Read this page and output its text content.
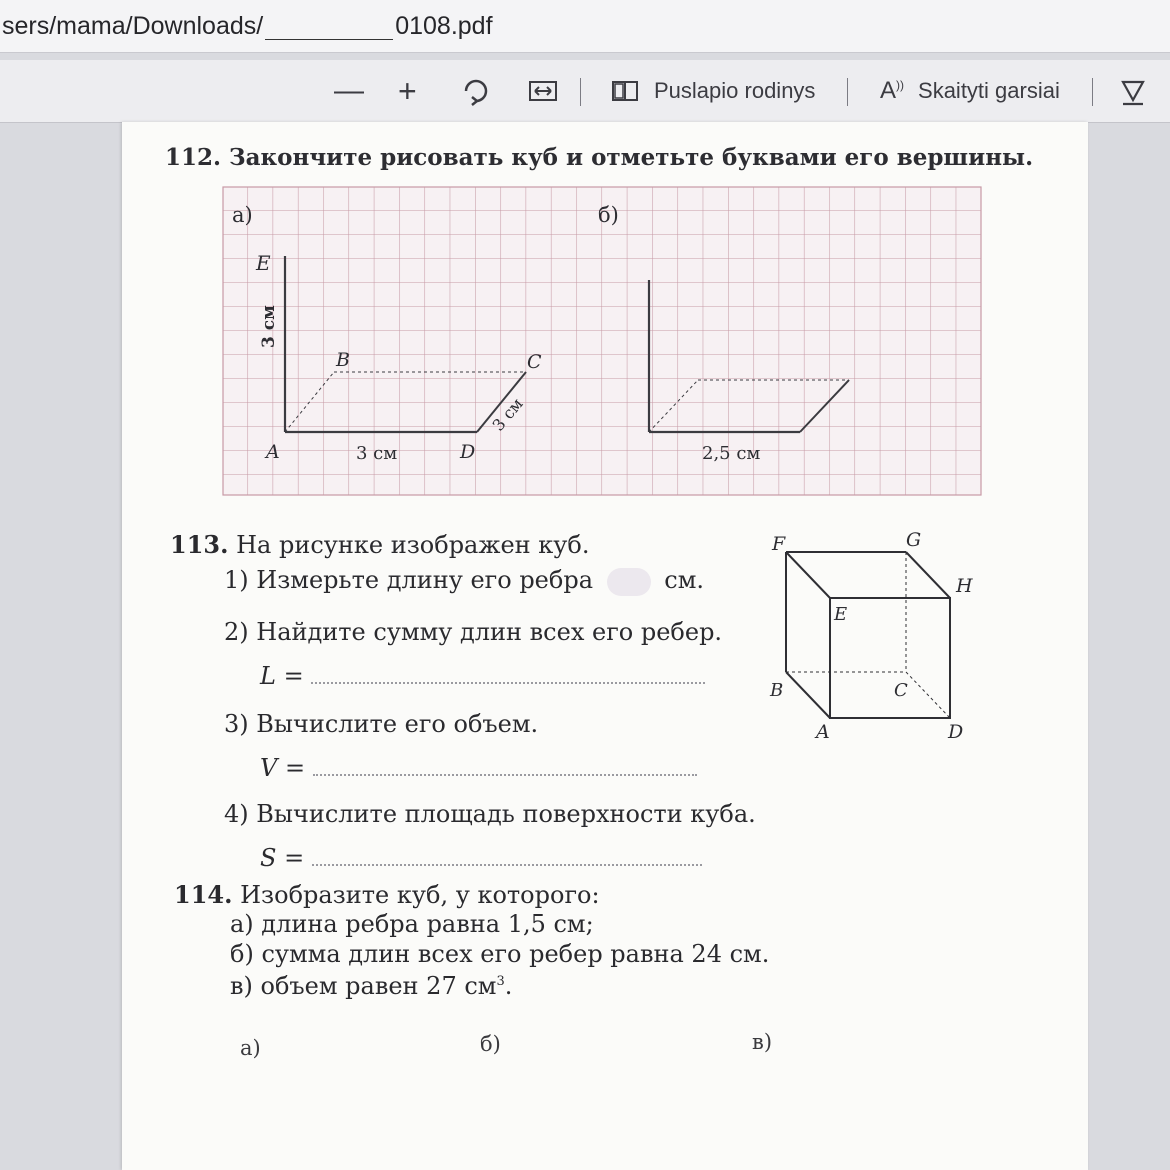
sers/mama/Downloads/	0108.pdf
— +	Puslapio rodinys	A)) Skaityti garsiai
112. Закончите рисовать куб и отметьте буквами его вершины.
а)
E
B	C
A	D
3 см
3 см
3 см
б)
2,5 см
113. На рисунке изображен куб.
1) Измерьте длину его ребра	см.
2) Найдите сумму длин всех его ребер.
L =
3) Вычислите его объем.
V =
4) Вычислите площадь поверхности куба.
S =
F	G
H
E
B	C
A	D
114. Изобразите куб, у которого:
а) длина ребра равна 1,5 см;
б) сумма длин всех его ребер равна 24 см.
в) объем равен 27 $см^3$.
а)	б)	в)
